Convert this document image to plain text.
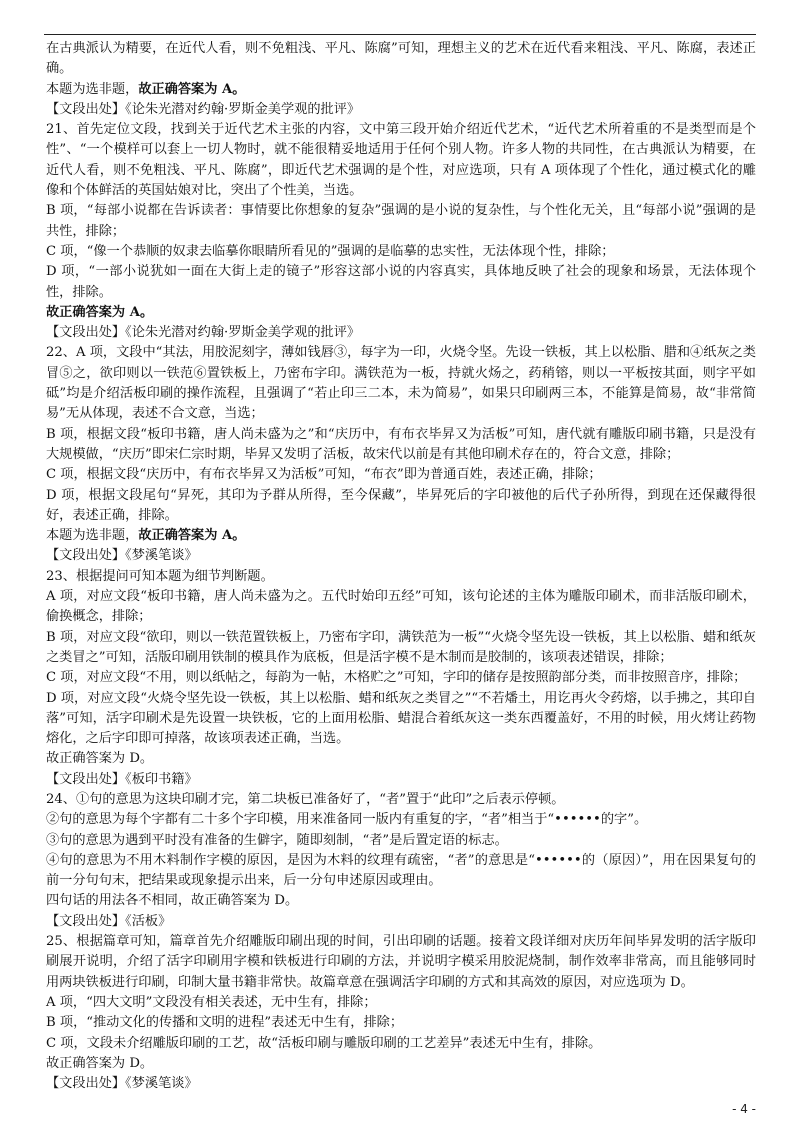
在古典派认为精要，在近代人看，则不免粗浅、平凡、陈腐”可知，理想主义的艺术在近代看来粗浅、平凡、陈腐，表述正确。

本题为选非题，故正确答案为 A。

【文段出处】《论朱光潜对约翰·罗斯金美学观的批评》

21、首先定位文段，找到关于近代艺术主张的内容，文中第三段开始介绍近代艺术，“近代艺术所着重的不是类型而是个性”、“一个模样可以套上一切人物时，就不能很精妥地适用于任何个别人物。许多人物的共同性，在古典派认为精要，在近代人看，则不免粗浅、平凡、陈腐”，即近代艺术强调的是个性，对应选项，只有 A 项体现了个性化，通过模式化的雕像和个体鲜活的英国姑娘对比，突出了个性美，当选。

B 项，“每部小说都在告诉读者：事情要比你想象的复杂”强调的是小说的复杂性，与个性化无关，且“每部小说”强调的是共性，排除；

C 项，“像一个恭顺的奴隶去临摹你眼睛所看见的”强调的是临摹的忠实性，无法体现个性，排除；

D 项，“一部小说犹如一面在大街上走的镜子”形容这部小说的内容真实，具体地反映了社会的现象和场景，无法体现个性，排除。

故正确答案为 A。

【文段出处】《论朱光潜对约翰·罗斯金美学观的批评》

22、A 项，文段中“其法，用胶泥刻字，薄如钱唇③，每字为一印，火烧令坚。先设一铁板，其上以松脂、腊和④纸灰之类冒⑤之，欲印则以一铁范⑥置铁板上，乃密布字印。满铁范为一板，持就火炀之，药稍镕，则以一平板按其面，则字平如砥”均是介绍活板印刷的操作流程，且强调了“若止印三二本，未为简易”，如果只印刷两三本，不能算是简易，故“非常简易”无从体现，表述不合文意，当选；

B 项，根据文段“板印书籍，唐人尚未盛为之”和“庆历中，有布衣毕昇又为活板”可知，唐代就有雕版印刷书籍，只是没有大规模做，“庆历”即宋仁宗时期，毕昇又发明了活板，故宋代以前是有其他印刷术存在的，符合文意，排除；

C 项，根据文段“庆历中，有布衣毕昇又为活板”可知，“布衣”即为普通百姓，表述正确，排除；

D 项，根据文段尾句“昇死，其印为予群从所得，至今保藏”，毕昇死后的字印被他的后代子孙所得，到现在还保藏得很好，表述正确，排除。

本题为选非题，故正确答案为 A。

【文段出处】《梦溪笔谈》

23、根据提问可知本题为细节判断题。

A 项，对应文段“板印书籍，唐人尚未盛为之。五代时始印五经”可知，该句论述的主体为雕版印刷术，而非活版印刷术，偷换概念，排除；

B 项，对应文段“欲印，则以一铁范置铁板上，乃密布字印，满铁范为一板”“火烧令坚先设一铁板，其上以松脂、蜡和纸灰之类冒之”可知，活版印刷用铁制的模具作为底板，但是活字模不是木制而是胶制的，该项表述错误，排除；

C 项，对应文段“不用，则以纸帖之，每韵为一帖，木格贮之”可知，字印的储存是按照韵部分类，而非按照音序，排除；

D 项，对应文段“火烧令坚先设一铁板，其上以松脂、蜡和纸灰之类冒之”“不若燔土，用讫再火令药熔，以手拂之，其印自落”可知，活字印刷术是先设置一块铁板，它的上面用松脂、蜡混合着纸灰这一类东西覆盖好，不用的时候，用火烤让药物熔化，之后字印即可掉落，故该项表述正确，当选。

故正确答案为 D。

【文段出处】《板印书籍》

24、①句的意思为这块印刷才完，第二块板已准备好了，“者”置于“此印”之后表示停顿。

②句的意思为每个字都有二十多个字印模，用来准备同一版内有重复的字，“者”相当于“••••••的字”。

③句的意思为遇到平时没有准备的生僻字，随即刻制，“者”是后置定语的标志。

④句的意思为不用木料制作字模的原因，是因为木料的纹理有疏密，“者”的意思是“••••••的（原因）”，用在因果复句的前一分句句末，把结果或现象提示出来，后一分句申述原因或理由。

四句话的用法各不相同，故正确答案为 D。

【文段出处】《活板》

25、根据篇章可知，篇章首先介绍雕版印刷出现的时间，引出印刷的话题。接着文段详细对庆历年间毕昇发明的活字版印刷展开说明，介绍了活字印刷用字模和铁板进行印刷的方法，并说明字模采用胶泥烧制，制作效率非常高，而且能够同时用两块铁板进行印刷，印制大量书籍非常快。故篇章意在强调活字印刷的方式和其高效的原因，对应选项为 D。

A 项，“四大文明”文段没有相关表述，无中生有，排除；

B 项，“推动文化的传播和文明的进程”表述无中生有，排除；

C 项，文段未介绍雕版印刷的工艺，故“活板印刷与雕版印刷的工艺差异”表述无中生有，排除。

故正确答案为 D。

【文段出处】《梦溪笔谈》

- 4 -
